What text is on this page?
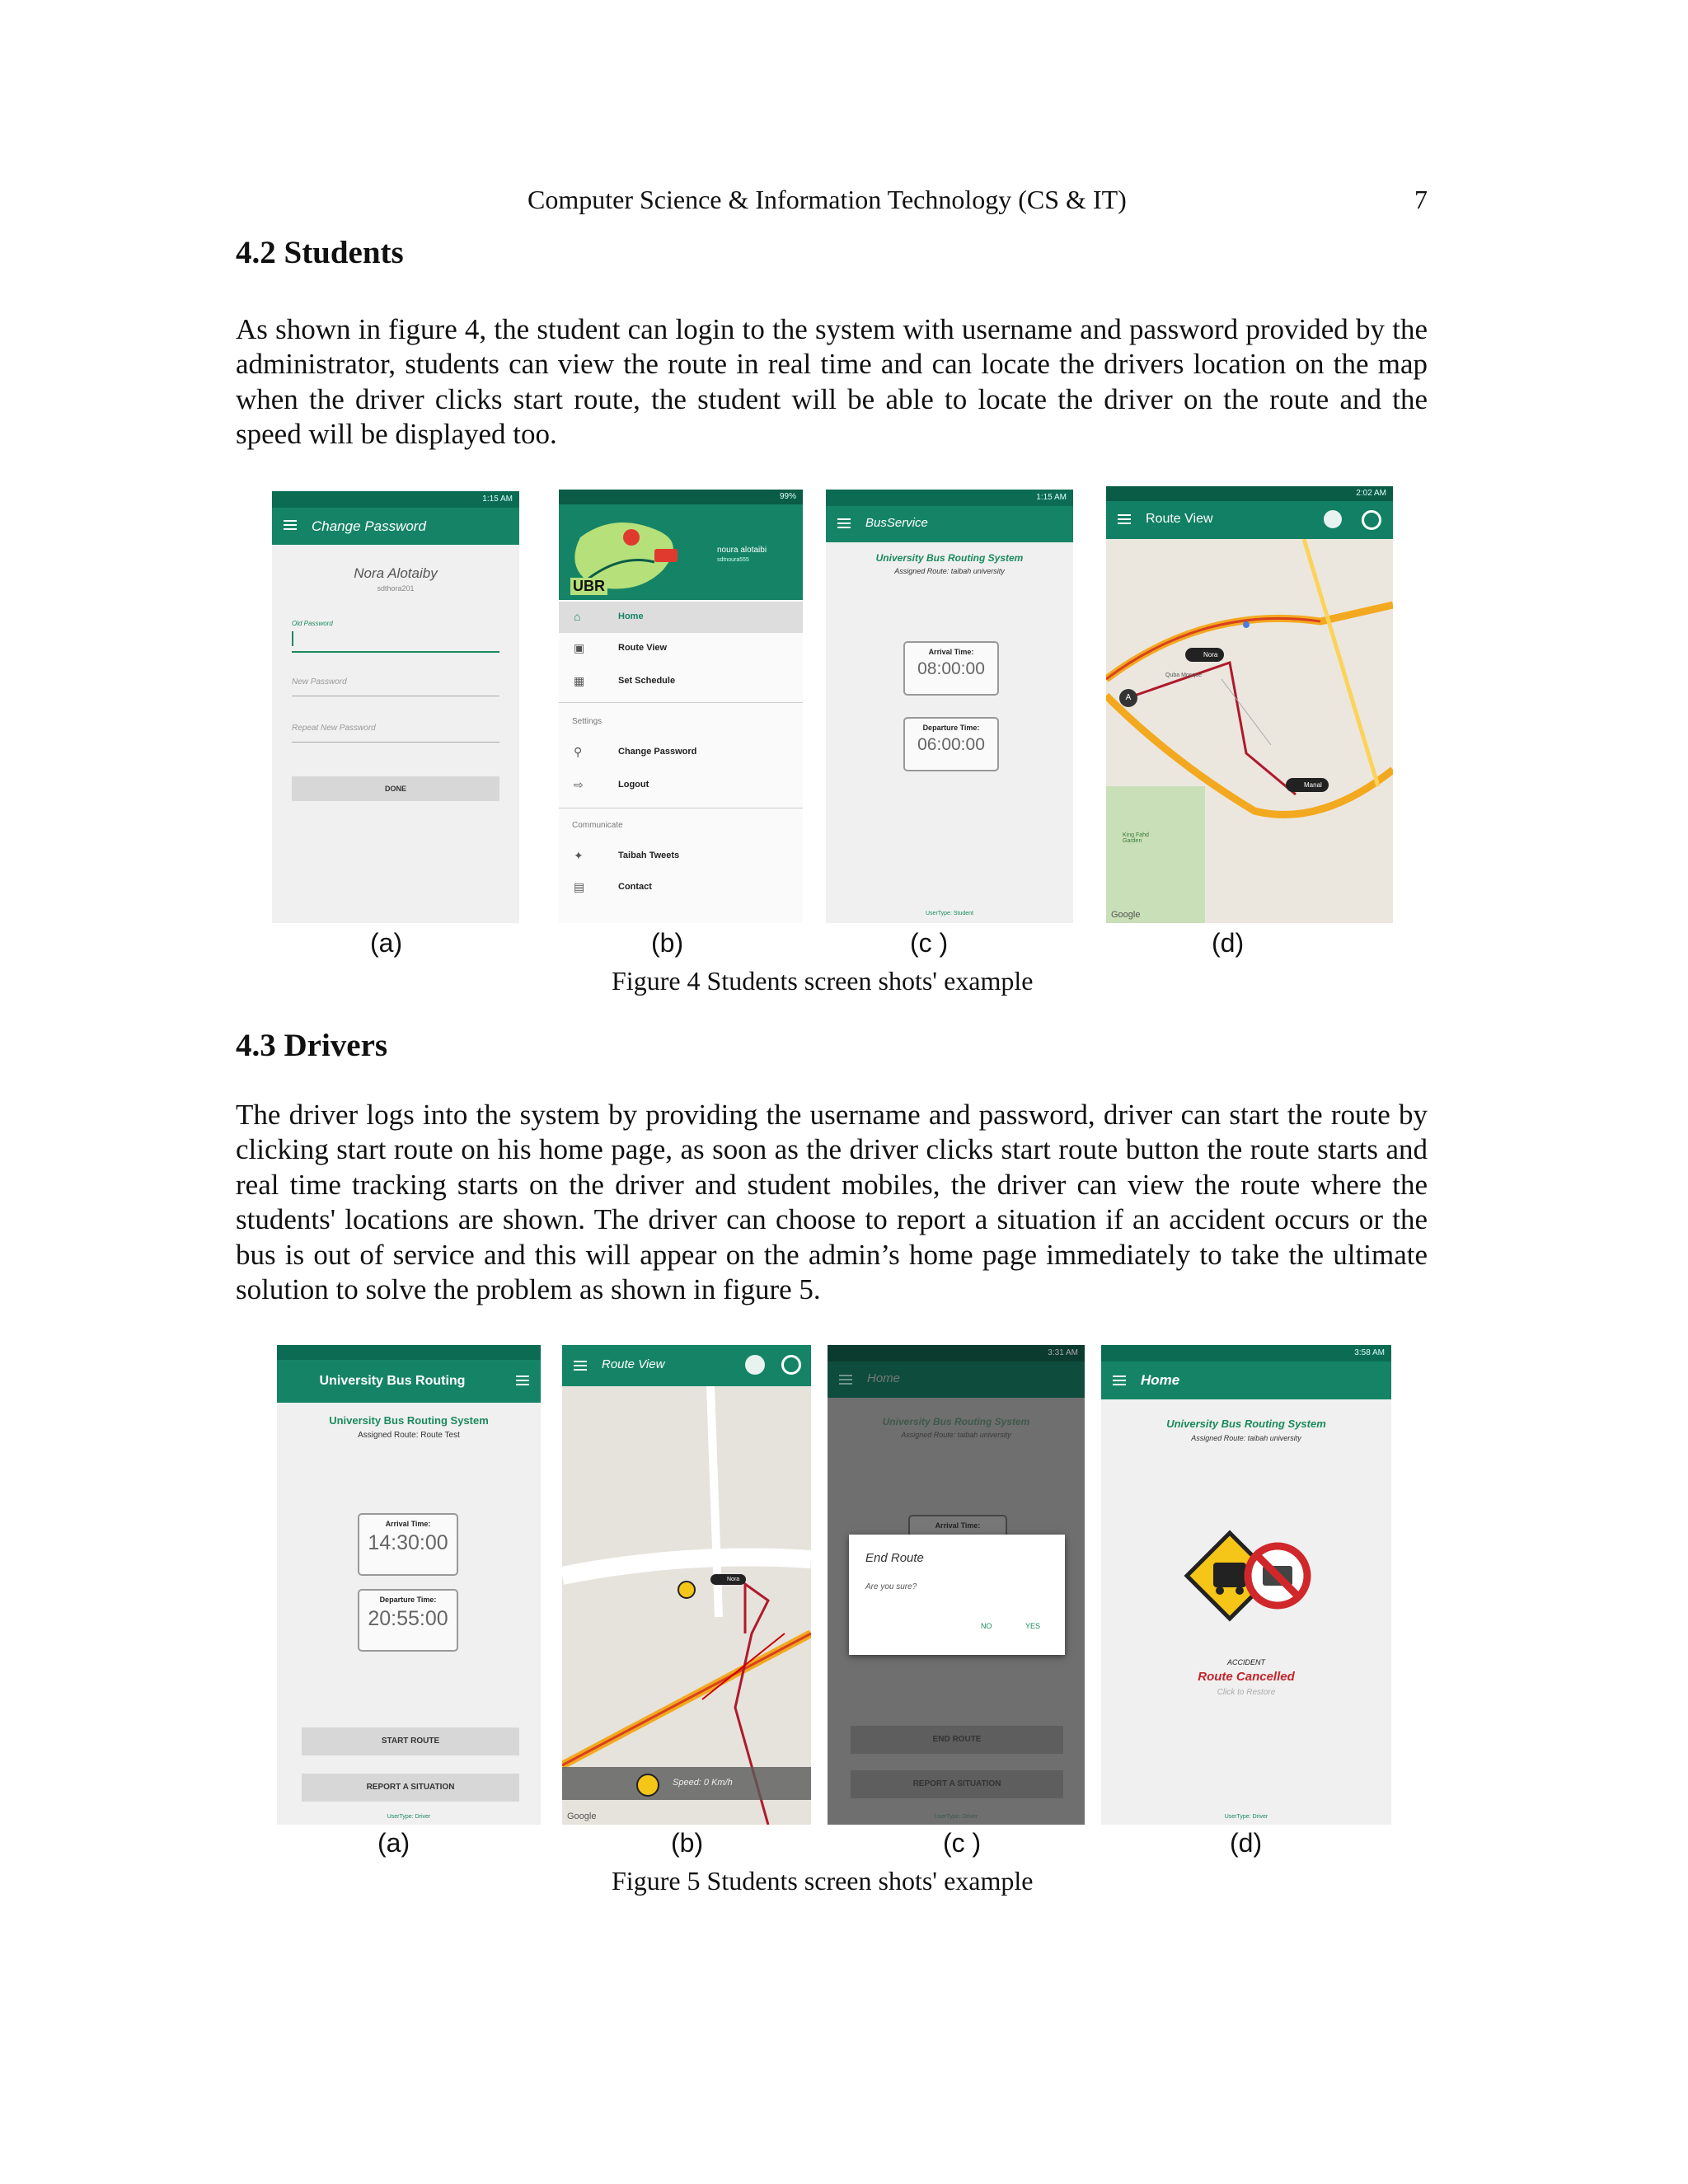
Computer Science & Information Technology (CS & IT)	7
4.2 Students

As shown in figure 4, the student can login to the system with username and password provided by the administrator, students can view the route in real time and can locate the drivers location on the map when the driver clicks start route, the student will be able to locate the driver on the route and the speed will be displayed too.

1:15 AM
Change Password
Nora Alotaiby
sdthora201
Old Password
New Password
Repeat New Password
DONE
99%
UBR
noura alotaibi
sdtnoura555
⌂	Home
▣	Route View
▦	Set Schedule
Settings
⚲	Change Password
⇨	Logout
Communicate
✦	Taibah Tweets
▤	Contact
1:15 AM
BusService
University Bus Routing System
Assigned Route: taibah university
Arrival Time:
08:00:00
Departure Time:
06:00:00
UserType: Student
2:02 AM
Route View
Nora
Manal
A
Quba Mosque
King Fahd Garden
Google
(a)	(b)	(c )	(d)
Figure 4 Students screen shots' example
4.3 Drivers

The driver logs into the system by providing the username and password, driver can start the route by clicking start route on his home page, as soon as the driver clicks start route button the route starts and real time tracking starts on the driver and student mobiles, the driver can view the route where the students' locations are shown. The driver can choose to report a situation if an accident occurs or the bus is out of service and this will appear on the admin’s home page immediately to take the ultimate solution to solve the problem as shown in figure 5.

University Bus Routing
University Bus Routing System
Assigned Route: Route Test
Arrival Time:
14:30:00
Departure Time:
20:55:00
START ROUTE
REPORT A SITUATION
UserType: Driver
Route View
Nora
Speed: 0 Km/h
Google
3:31 AM
Home
University Bus Routing System
Assigned Route: taibah university
Arrival Time:
End Route
Are you sure?
NO	YES
END ROUTE
REPORT A SITUATION
UserType: Driver
3:58 AM
Home
University Bus Routing System
Assigned Route: taibah university
ACCIDENT
Route Cancelled
Click to Restore
UserType: Driver
(a)	(b)	(c )	(d)
Figure 5 Students screen shots' example
